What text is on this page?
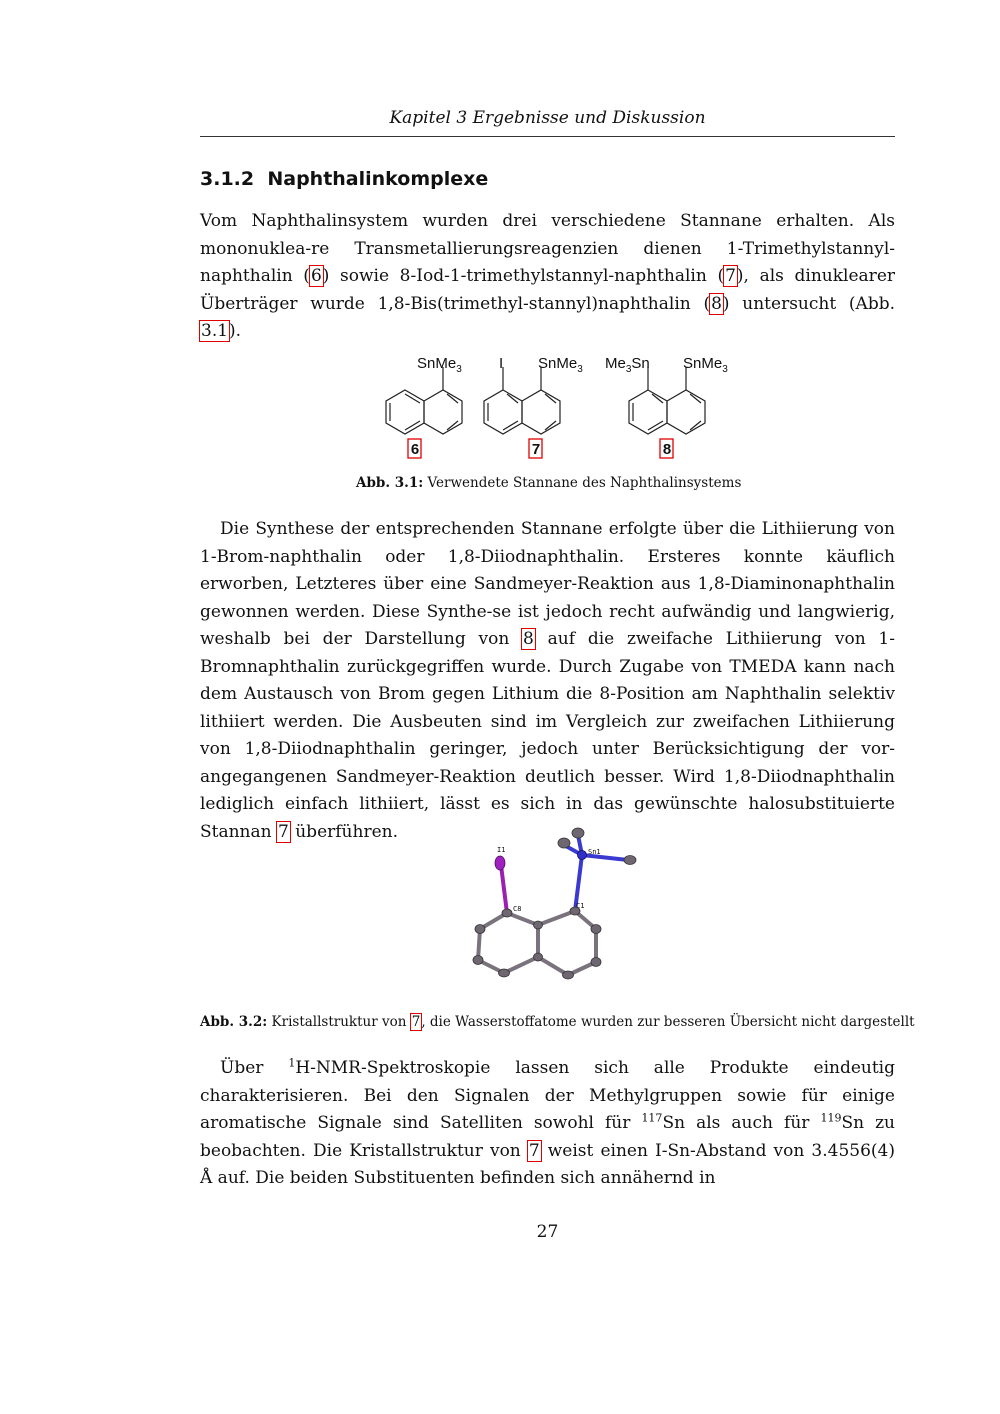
Kapitel 3 Ergebnisse und Diskussion
3.1.2 Naphthalinkomplexe

Vom Naphthalinsystem wurden drei verschiedene Stannane erhalten. Als mononuklea-re Transmetallierungsreagenzien dienen 1-Trimethylstannyl-naphthalin (6) sowie 8-Iod-1-trimethylstannyl-naphthalin (7), als dinuklearer Überträger wurde 1,8-Bis(trimethyl-stannyl)naphthalin (8) untersucht (Abb. 3.1).

SnMe$_3$
6
I SnMe$_3$
7
$Me_3Sn$ SnMe$_3$
8
Abb. 3.1: Verwendete Stannane des Naphthalinsystems

Die Synthese der entsprechenden Stannane erfolgte über die Lithiierung von 1-Brom-naphthalin oder 1,8-Diiodnaphthalin. Ersteres konnte käuflich erworben, Letzteres über eine Sandmeyer-Reaktion aus 1,8-Diaminonaphthalin gewonnen werden. Diese Synthe-se ist jedoch recht aufwändig und langwierig, weshalb bei der Darstellung von 8 auf die zweifache Lithiierung von 1-Bromnaphthalin zurückgegriffen wurde. Durch Zugabe von TMEDA kann nach dem Austausch von Brom gegen Lithium die 8-Position am Naphthalin selektiv lithiiert werden. Die Ausbeuten sind im Vergleich zur zweifachen Lithiierung von 1,8-Diiodnaphthalin geringer, jedoch unter Berücksichtigung der vor-angegangenen Sandmeyer-Reaktion deutlich besser. Wird 1,8-Diiodnaphthalin lediglich einfach lithiiert, lässt es sich in das gewünschte halosubstituierte Stannan 7 überführen.

I1	Sn1
C8	C1
Abb. 3.2: Kristallstruktur von 7, die Wasserstoffatome wurden zur besseren Übersicht nicht dargestellt

Über $^1$H-NMR-Spektroskopie lassen sich alle Produkte eindeutig charakterisieren. Bei den Signalen der Methylgruppen sowie für einige aromatische Signale sind Satelliten sowohl für $^{117}$Sn als auch für $^{119}$Sn zu beobachten. Die Kristallstruktur von 7 weist einen I-Sn-Abstand von 3.4556(4) Å auf. Die beiden Substituenten befinden sich annähernd in

27
